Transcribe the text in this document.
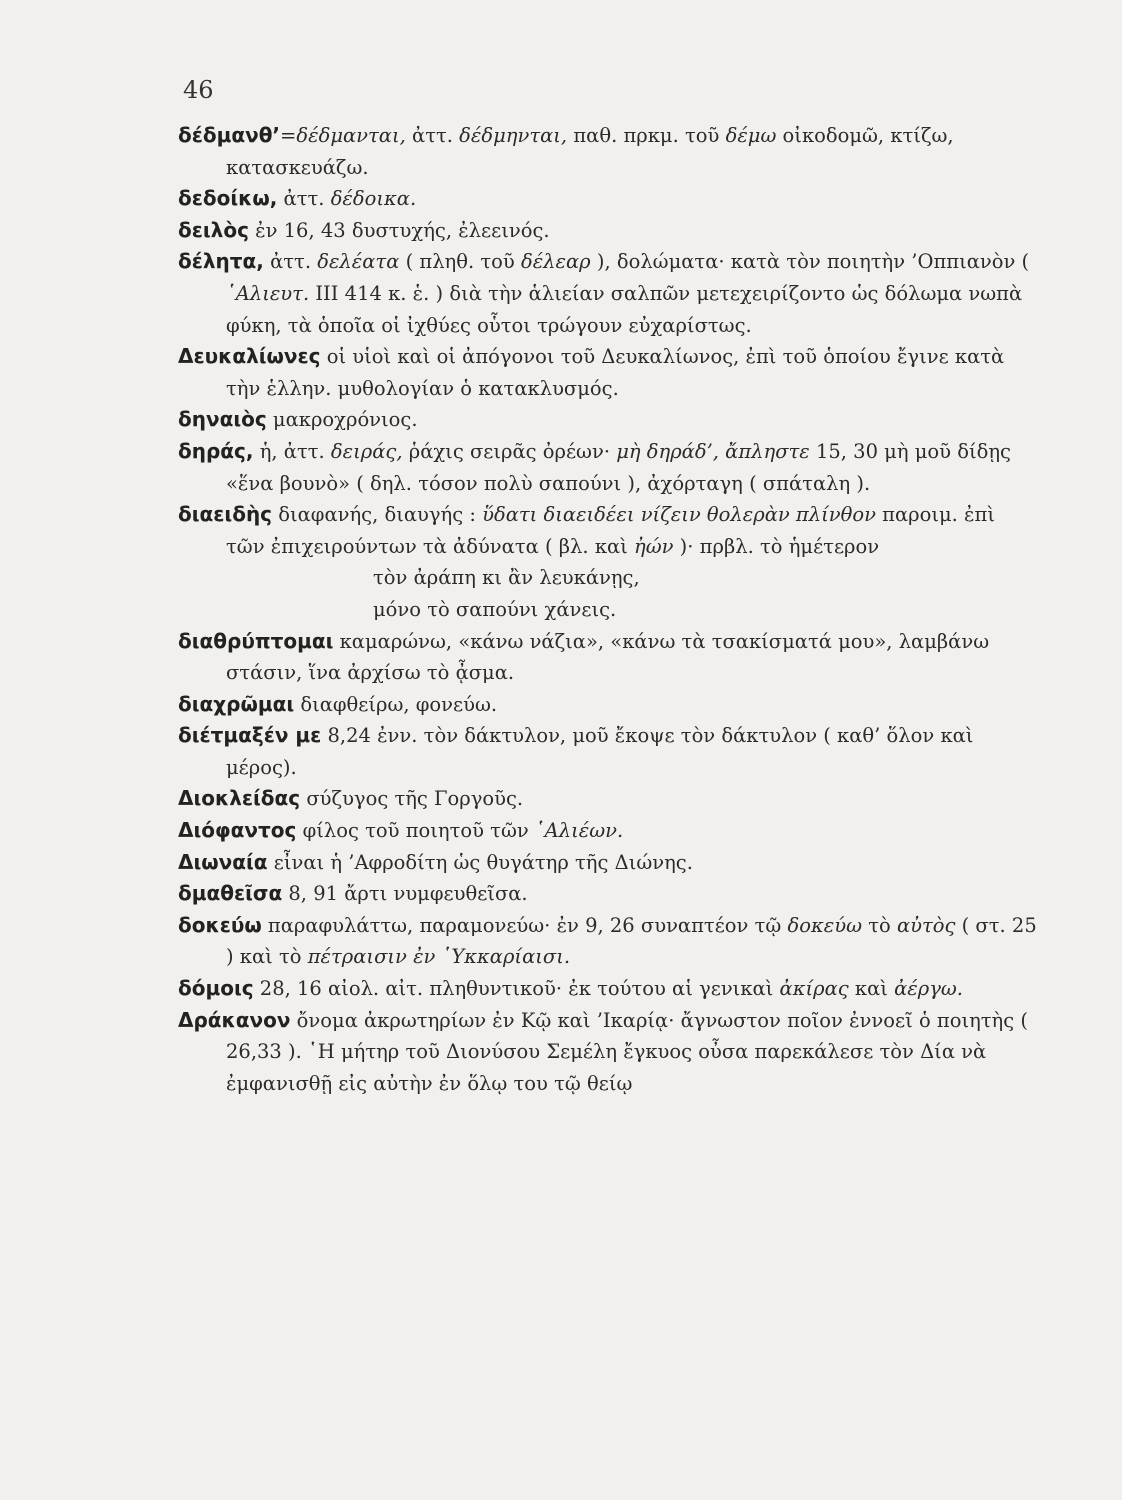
46

δέδμανθ’=δέδμανται, ἀττ. δέδμηνται, παθ. πρκμ. τοῦ δέμω οἰκοδομῶ, κτίζω, κατασκευάζω.

δεδοίκω, ἀττ. δέδοικα.

δειλὸς ἐν 16, 43 δυστυχής, ἐλεεινός.

δέλητα, ἀττ. δελέατα ( πληθ. τοῦ δέλεαρ ), δολώματα· κατὰ τὸν ποιητὴν ’Οππιανὸν ( ῾Αλιευτ. III 414 κ. ἑ. ) διὰ τὴν ἁλιείαν σαλπῶν μετεχειρίζοντο ὡς δόλωμα νωπὰ φύκη, τὰ ὁποῖα οἱ ἰχθύες οὗτοι τρώγουν εὐχαρίστως.

Δευκαλίωνες οἱ υἱοὶ καὶ οἱ ἀπόγονοι τοῦ Δευκαλίωνος, ἐπὶ τοῦ ὁποίου ἔγινε κατὰ τὴν ἑλλην. μυθολογίαν ὁ κατακλυσμός.

δηναιὸς μακροχρόνιος.

δηράς, ἡ, ἀττ. δειράς, ῥάχις σειρᾶς ὀρέων· μὴ δηράδ’, ἄπληστε 15, 30 μὴ μοῦ δίδῃς «ἕνα βουνὸ» ( δηλ. τόσον πολὺ σαπούνι ), ἀχόρταγη ( σπάταλη ).

διαειδὴς διαφανής, διαυγής : ὕδατι διαειδέει νίζειν θολερὰν πλίνθον παροιμ. ἐπὶ τῶν ἐπιχειρούντων τὰ ἀδύνατα ( βλ. καὶ ἠών )· πρβλ. τὸ ἡμέτερον

τὸν ἀράπη κι ἂν λευκάνῃς,

μόνο τὸ σαπούνι χάνεις.

διαθρύπτομαι καμαρώνω, «κάνω νάζια», «κάνω τὰ τσακίσματά μου», λαμβάνω στάσιν, ἵνα ἀρχίσω τὸ ᾆσμα.

διαχρῶμαι διαφθείρω, φονεύω.

διέτμαξέν με 8,24 ἐνν. τὸν δάκτυλον, μοῦ ἔκοψε τὸν δάκτυλον ( καθ’ ὅλον καὶ μέρος).

Διοκλείδας σύζυγος τῆς Γοργοῦς.

Διόφαντος φίλος τοῦ ποιητοῦ τῶν ῾Αλιέων.

Διωναία εἶναι ἡ ’Αφροδίτη ὡς θυγάτηρ τῆς Διώνης.

δμαθεῖσα 8, 91 ἄρτι νυμφευθεῖσα.

δοκεύω παραφυλάττω, παραμονεύω· ἐν 9, 26 συναπτέον τῷ δοκεύω τὸ αὐτὸς ( στ. 25 ) καὶ τὸ πέτραισιν ἐν ῾Υκκαρίαισι.

δόμοις 28, 16 αἰολ. αἰτ. πληθυντικοῦ· ἐκ τούτου αἱ γενικαὶ ἀκίρας καὶ ἀέργω.

Δράκανον ὄνομα ἀκρωτηρίων ἐν Κῷ καὶ ’Ικαρίᾳ· ἄγνωστον ποῖον ἐννοεῖ ὁ ποιητὴς ( 26,33 ). ῾Η μήτηρ τοῦ Διονύσου Σεμέλη ἔγκυος οὖσα παρεκάλεσε τὸν Δία νὰ ἐμφανισθῇ εἰς αὐτὴν ἐν ὅλῳ του τῷ θείῳ
